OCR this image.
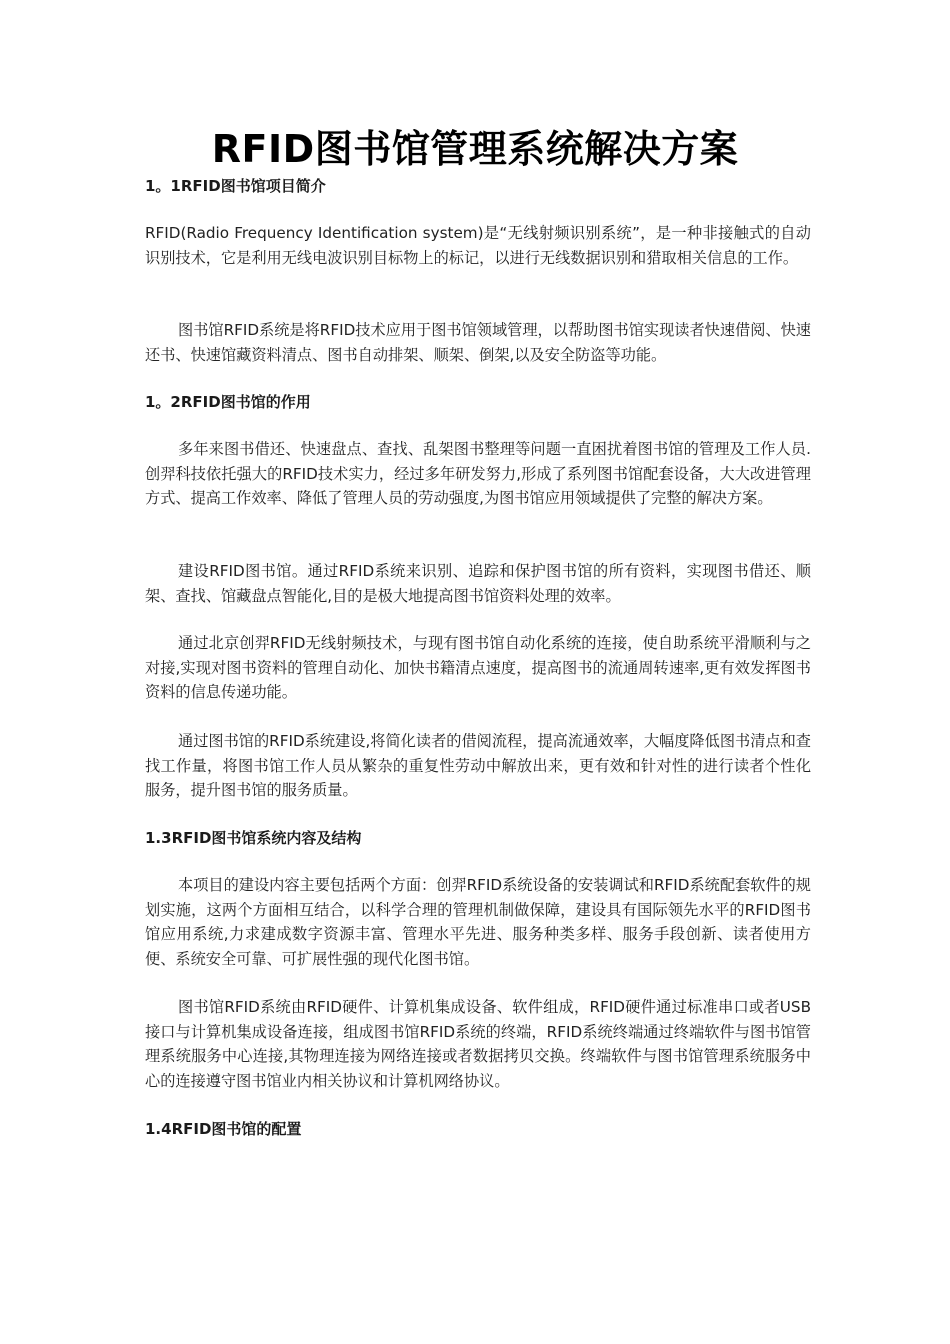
RFID图书馆管理系统解决方案
1。1RFID图书馆项目简介

RFID(Radio Frequency Identification system)是“无线射频识别系统”，是一种非接触式的自动识别技术，它是利用无线电波识别目标物上的标记，以进行无线数据识别和猎取相关信息的工作。

图书馆RFID系统是将RFID技术应用于图书馆领域管理，以帮助图书馆实现读者快速借阅、快速还书、快速馆藏资料清点、图书自动排架、顺架、倒架,以及安全防盗等功能。

1。2RFID图书馆的作用

多年来图书借还、快速盘点、查找、乱架图书整理等问题一直困扰着图书馆的管理及工作人员.创羿科技依托强大的RFID技术实力，经过多年研发努力,形成了系列图书馆配套设备，大大改进管理方式、提高工作效率、降低了管理人员的劳动强度,为图书馆应用领域提供了完整的解决方案。

建设RFID图书馆。通过RFID系统来识别、追踪和保护图书馆的所有资料，实现图书借还、顺架、查找、馆藏盘点智能化,目的是极大地提高图书馆资料处理的效率。

通过北京创羿RFID无线射频技术，与现有图书馆自动化系统的连接，使自助系统平滑顺利与之对接,实现对图书资料的管理自动化、加快书籍清点速度，提高图书的流通周转速率,更有效发挥图书资料的信息传递功能。

通过图书馆的RFID系统建设,将简化读者的借阅流程，提高流通效率，大幅度降低图书清点和查找工作量，将图书馆工作人员从繁杂的重复性劳动中解放出来，更有效和针对性的进行读者个性化服务，提升图书馆的服务质量。

1.3RFID图书馆系统内容及结构

本项目的建设内容主要包括两个方面：创羿RFID系统设备的安装调试和RFID系统配套软件的规划实施，这两个方面相互结合，以科学合理的管理机制做保障，建设具有国际领先水平的RFID图书馆应用系统,力求建成数字资源丰富、管理水平先进、服务种类多样、服务手段创新、读者使用方便、系统安全可靠、可扩展性强的现代化图书馆。

图书馆RFID系统由RFID硬件、计算机集成设备、软件组成，RFID硬件通过标准串口或者USB接口与计算机集成设备连接，组成图书馆RFID系统的终端，RFID系统终端通过终端软件与图书馆管理系统服务中心连接,其物理连接为网络连接或者数据拷贝交换。终端软件与图书馆管理系统服务中心的连接遵守图书馆业内相关协议和计算机网络协议。

1.4RFID图书馆的配置
